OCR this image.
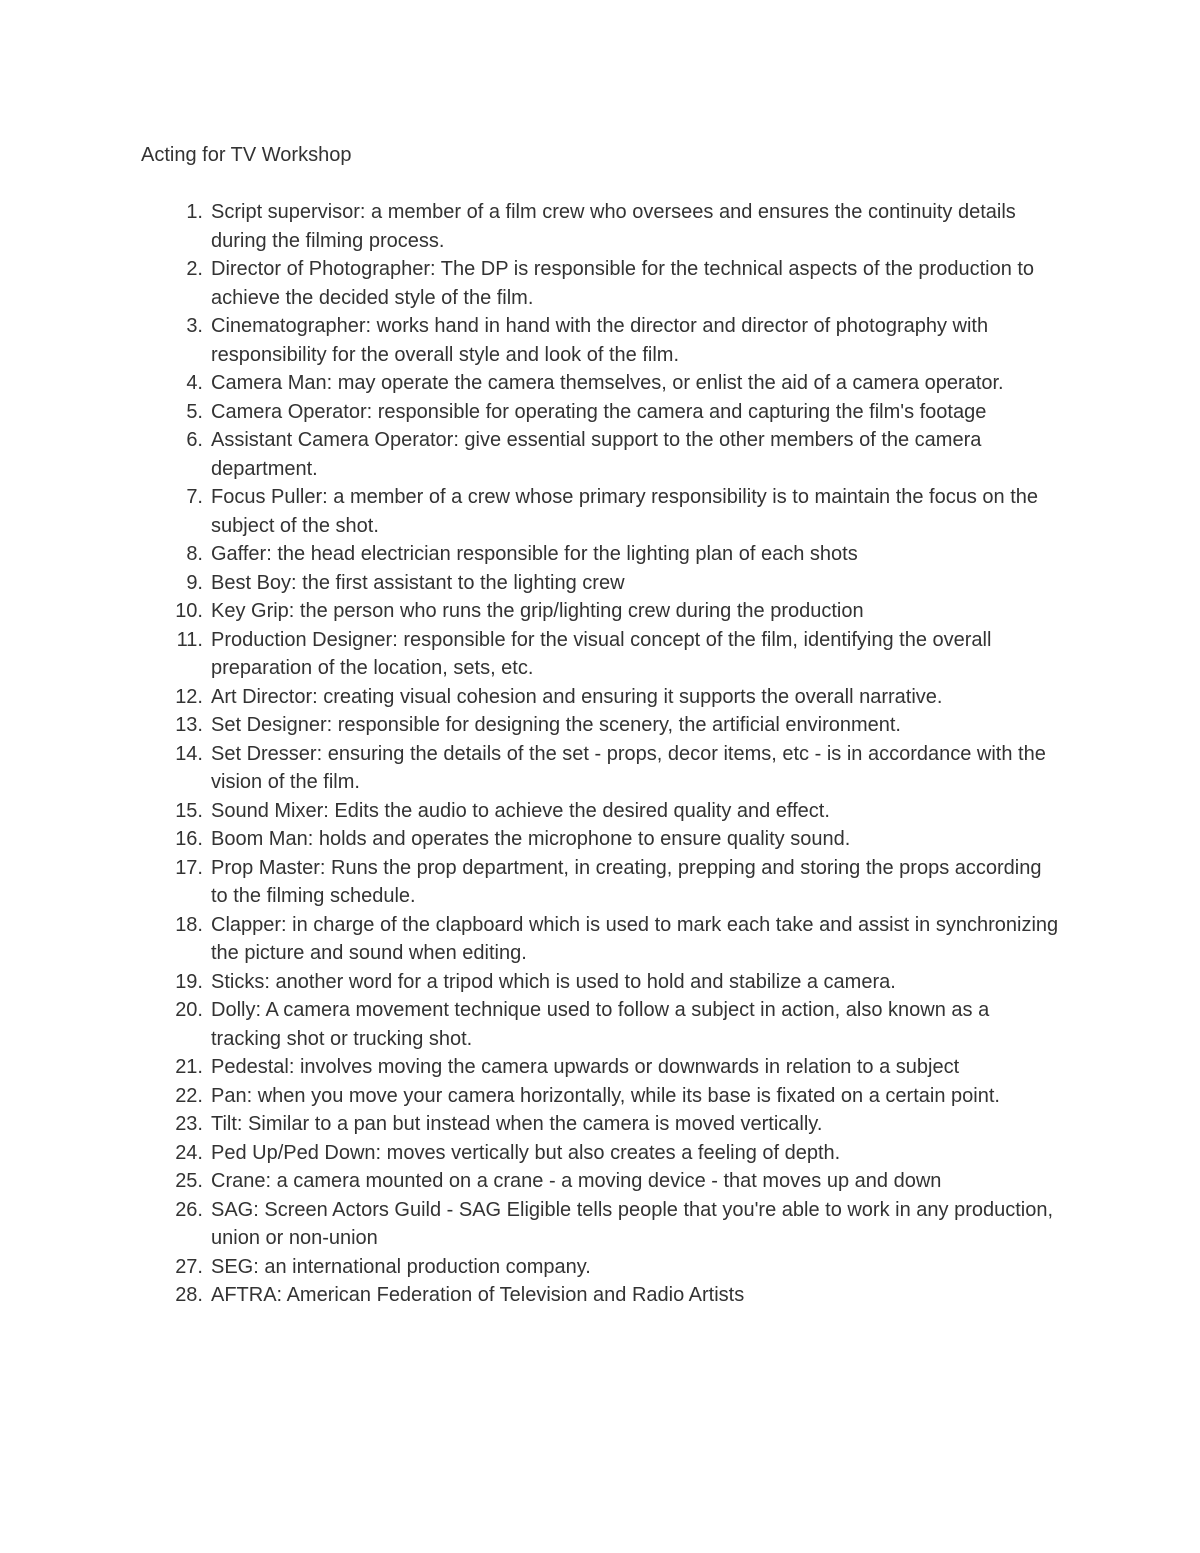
Acting for TV Workshop
1. Script supervisor: a member of a film crew who oversees and ensures the continuity details during the filming process.
2. Director of Photographer: The DP is responsible for the technical aspects of the production to achieve the decided style of the film.
3. Cinematographer: works hand in hand with the director and director of photography with responsibility for the overall style and look of the film.
4. Camera Man: may operate the camera themselves, or enlist the aid of a camera operator.
5. Camera Operator: responsible for operating the camera and capturing the film's footage
6. Assistant Camera Operator: give essential support to the other members of the camera department.
7. Focus Puller: a member of a crew whose primary responsibility is to maintain the focus on the subject of the shot.
8. Gaffer: the head electrician responsible for the lighting plan of each shots
9. Best Boy: the first assistant to the lighting crew
10. Key Grip: the person who runs the grip/lighting crew during the production
11. Production Designer: responsible for the visual concept of the film, identifying the overall preparation of the location, sets, etc.
12. Art Director: creating visual cohesion and ensuring it supports the overall narrative.
13. Set Designer: responsible for designing the scenery, the artificial environment.
14. Set Dresser: ensuring the details of the set - props, decor items, etc - is in accordance with the vision of the film.
15. Sound Mixer: Edits the audio to achieve the desired quality and effect.
16. Boom Man: holds and operates the microphone to ensure quality sound.
17. Prop Master: Runs the prop department, in creating, prepping and storing the props according to the filming schedule.
18. Clapper: in charge of the clapboard which is used to mark each take and assist in synchronizing the picture and sound when editing.
19. Sticks: another word for a tripod which is used to hold and stabilize a camera.
20. Dolly: A camera movement technique used to follow a subject in action, also known as a tracking shot or trucking shot.
21. Pedestal: involves moving the camera upwards or downwards in relation to a subject
22. Pan: when you move your camera horizontally, while its base is fixated on a certain point.
23. Tilt: Similar to a pan but instead when the camera is moved vertically.
24. Ped Up/Ped Down: moves vertically but also creates a feeling of depth.
25. Crane: a camera mounted on a crane - a moving device - that moves up and down
26. SAG: Screen Actors Guild - SAG Eligible tells people that you're able to work in any production, union or non-union
27. SEG: an international production company.
28. AFTRA: American Federation of Television and Radio Artists
